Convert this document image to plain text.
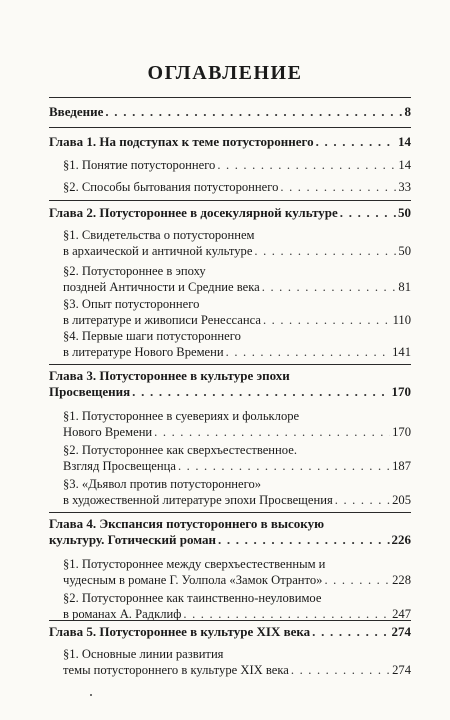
ОГЛАВЛЕНИЕ
Введение . . .	8
Глава 1. На подступах к теме потустороннего . . .	14
§1. Понятие потустороннего . . .	14
§2. Способы бытования потустороннего . . .	33
Глава 2. Потустороннее в досекулярной культуре . . .	50
§1. Свидетельства о потустороннем
в архаической и античной культуре . . .	50
§2. Потустороннее в эпоху
поздней Античности и Средние века . . .	81
§3. Опыт потустороннего
в литературе и живописи Ренессанса . . .	110
§4. Первые шаги потустороннего
в литературе Нового Времени . . .	141
Глава 3. Потустороннее в культуре эпохи
Просвещения . . .	170
§1. Потустороннее в суевериях и фольклоре
Нового Времени . . .	170
§2. Потустороннее как сверхъестественное.
Взгляд Просвещенца . . .	187
§3. «Дьявол против потустороннего»
в художественной литературе эпохи Просвещения . . .	205
Глава 4. Экспансия потустороннего в высокую
культуру. Готический роман . . .	226
§1. Потустороннее между сверхъестественным и
чудесным в романе Г. Уолпола «Замок Отранто» . . .	228
§2. Потустороннее как таинственно-неуловимое
в романах А. Радклиф . . .	247
Глава 5. Потустороннее в культуре XIX века . . .	274
§1. Основные линии развития
темы потустороннего в культуре XIX века . . .	274
